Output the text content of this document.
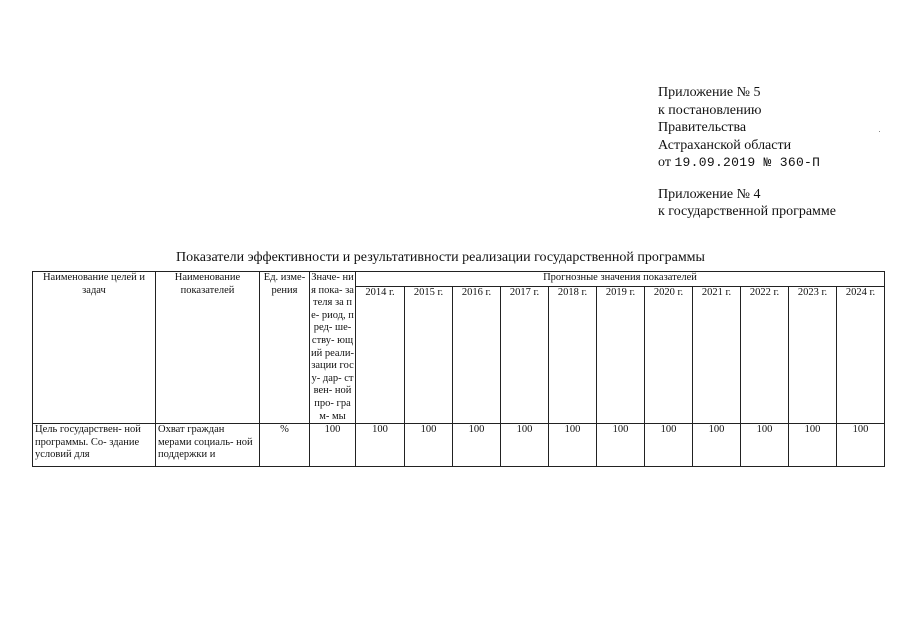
Приложение № 5
к постановлению
Правительства
Астраханской области
от 19.09.2019 № 360-П
Приложение № 4
к государственной программе
Показатели эффективности и результативности реализации государственной программы
Наименование целей и задач	Наименование показателей	Ед. изме- рения	Значе- ния пока- зателя за пе- риод, пред- ше- ству- ющий реали- зации госу- дар- ствен- ной про- грам- мы	Прогнозные значения показателей										
				2014 г.	2015 г.	2016 г.	2017 г.	2018 г.	2019 г.	2020 г.	2021 г.	2022 г.	2023 г.	2024 г.
Цель государствен- ной программы. Со- здание условий для	Охват граждан мерами социаль- ной поддержки и	%	100	100	100	100	100	100	100	100	100	100	100	100
